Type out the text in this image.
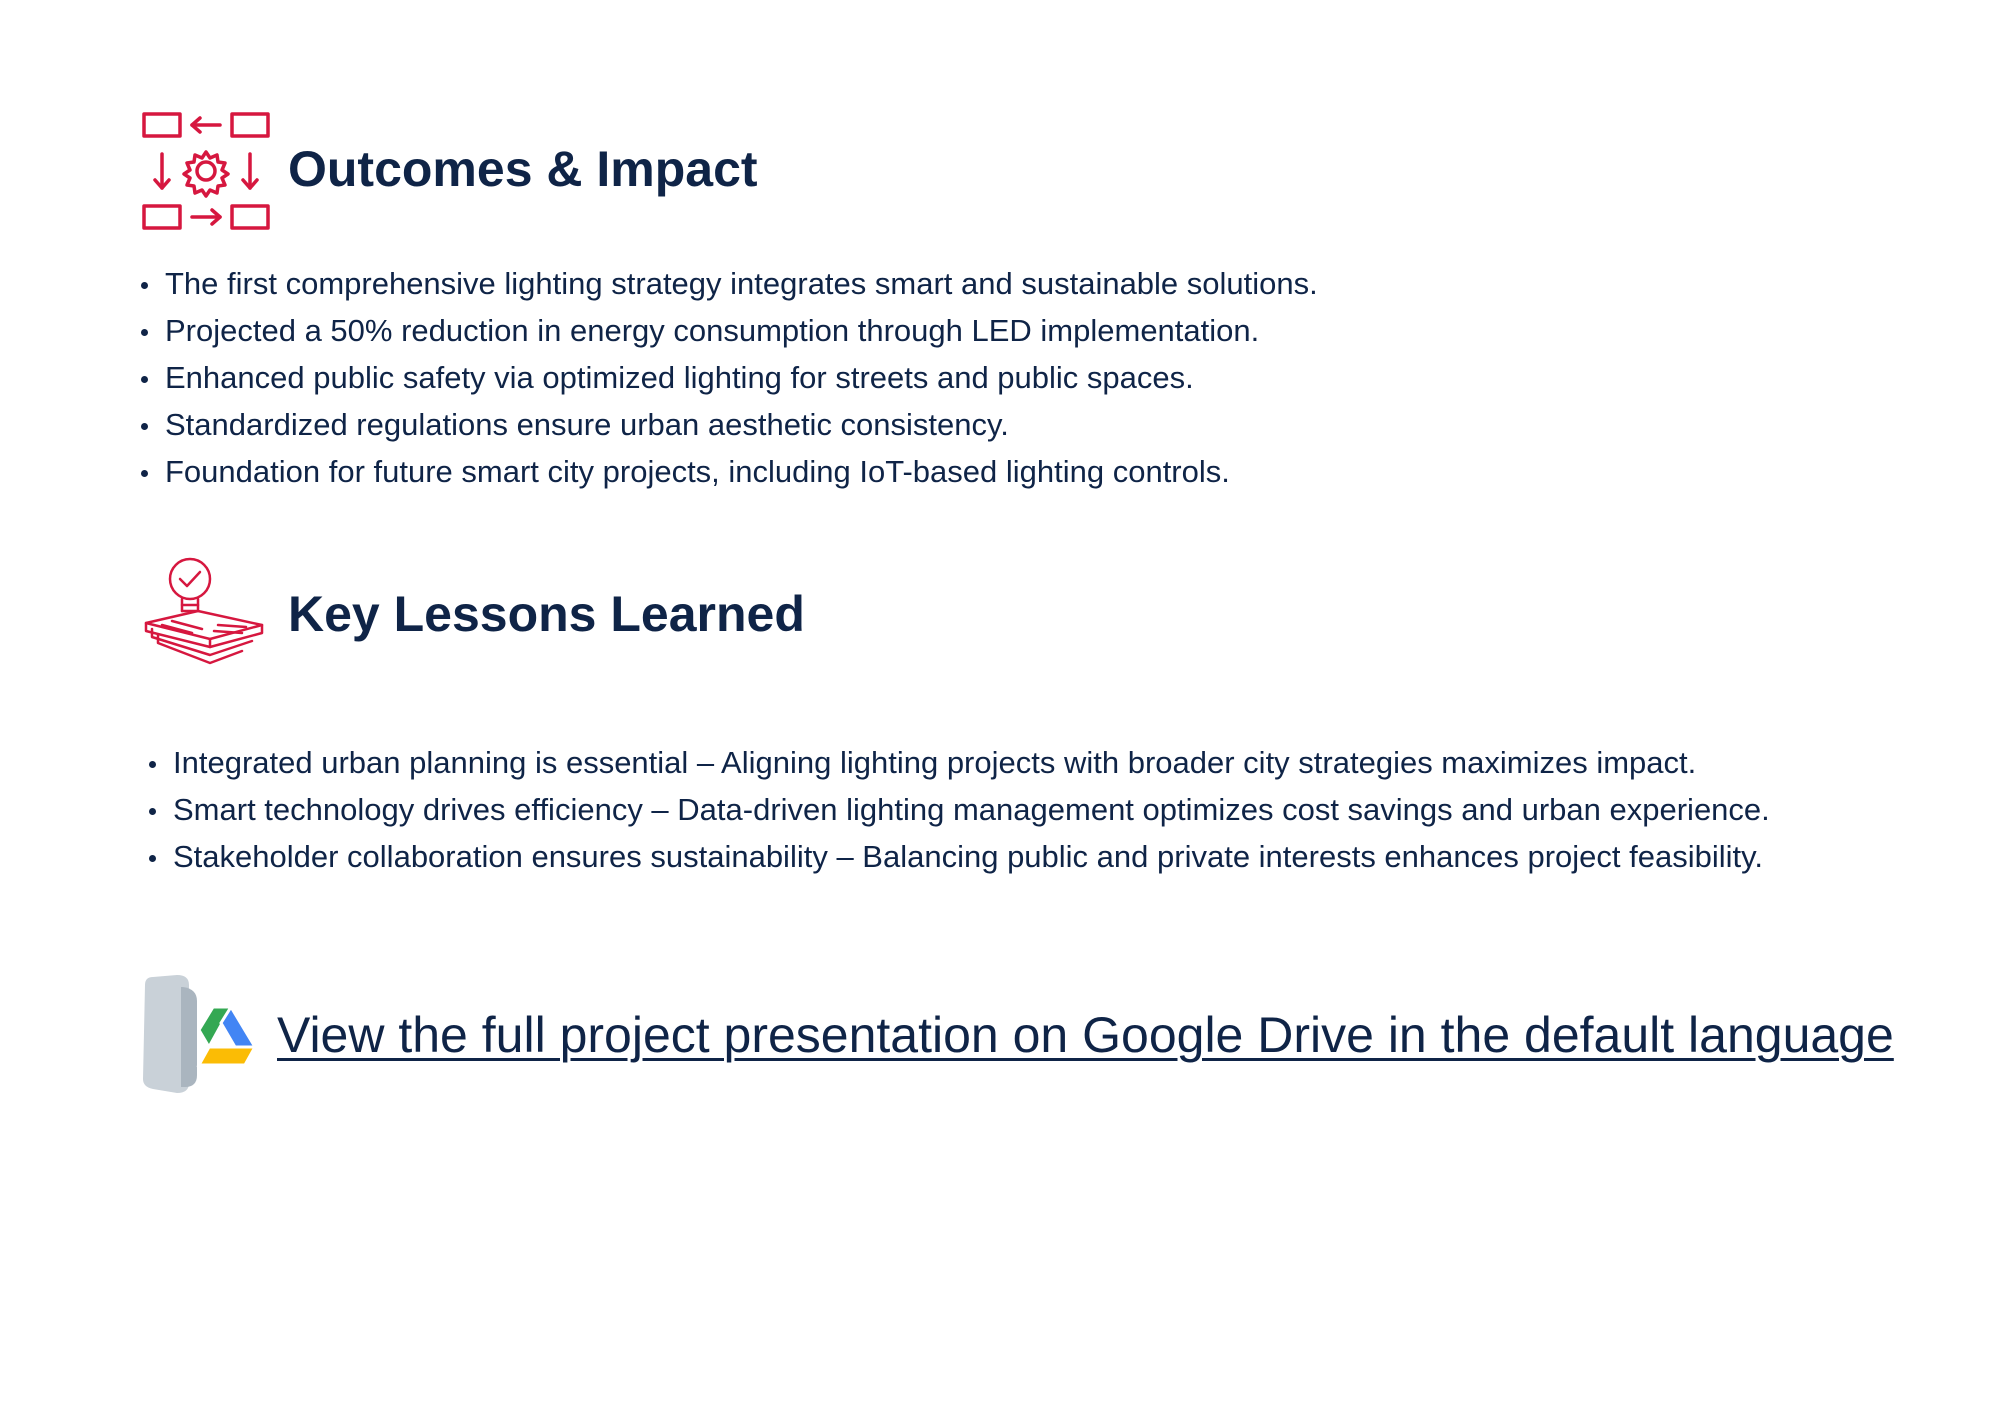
Outcomes & Impact
The first comprehensive lighting strategy integrates smart and sustainable solutions.
Projected a 50% reduction in energy consumption through LED implementation.
Enhanced public safety via optimized lighting for streets and public spaces.
Standardized regulations ensure urban aesthetic consistency.
Foundation for future smart city projects, including IoT-based lighting controls.
Key Lessons Learned
Integrated urban planning is essential – Aligning lighting projects with broader city strategies maximizes impact.
Smart technology drives efficiency – Data-driven lighting management optimizes cost savings and urban experience.
Stakeholder collaboration ensures sustainability – Balancing public and private interests enhances project feasibility.
View the full project presentation on Google Drive in the default language
